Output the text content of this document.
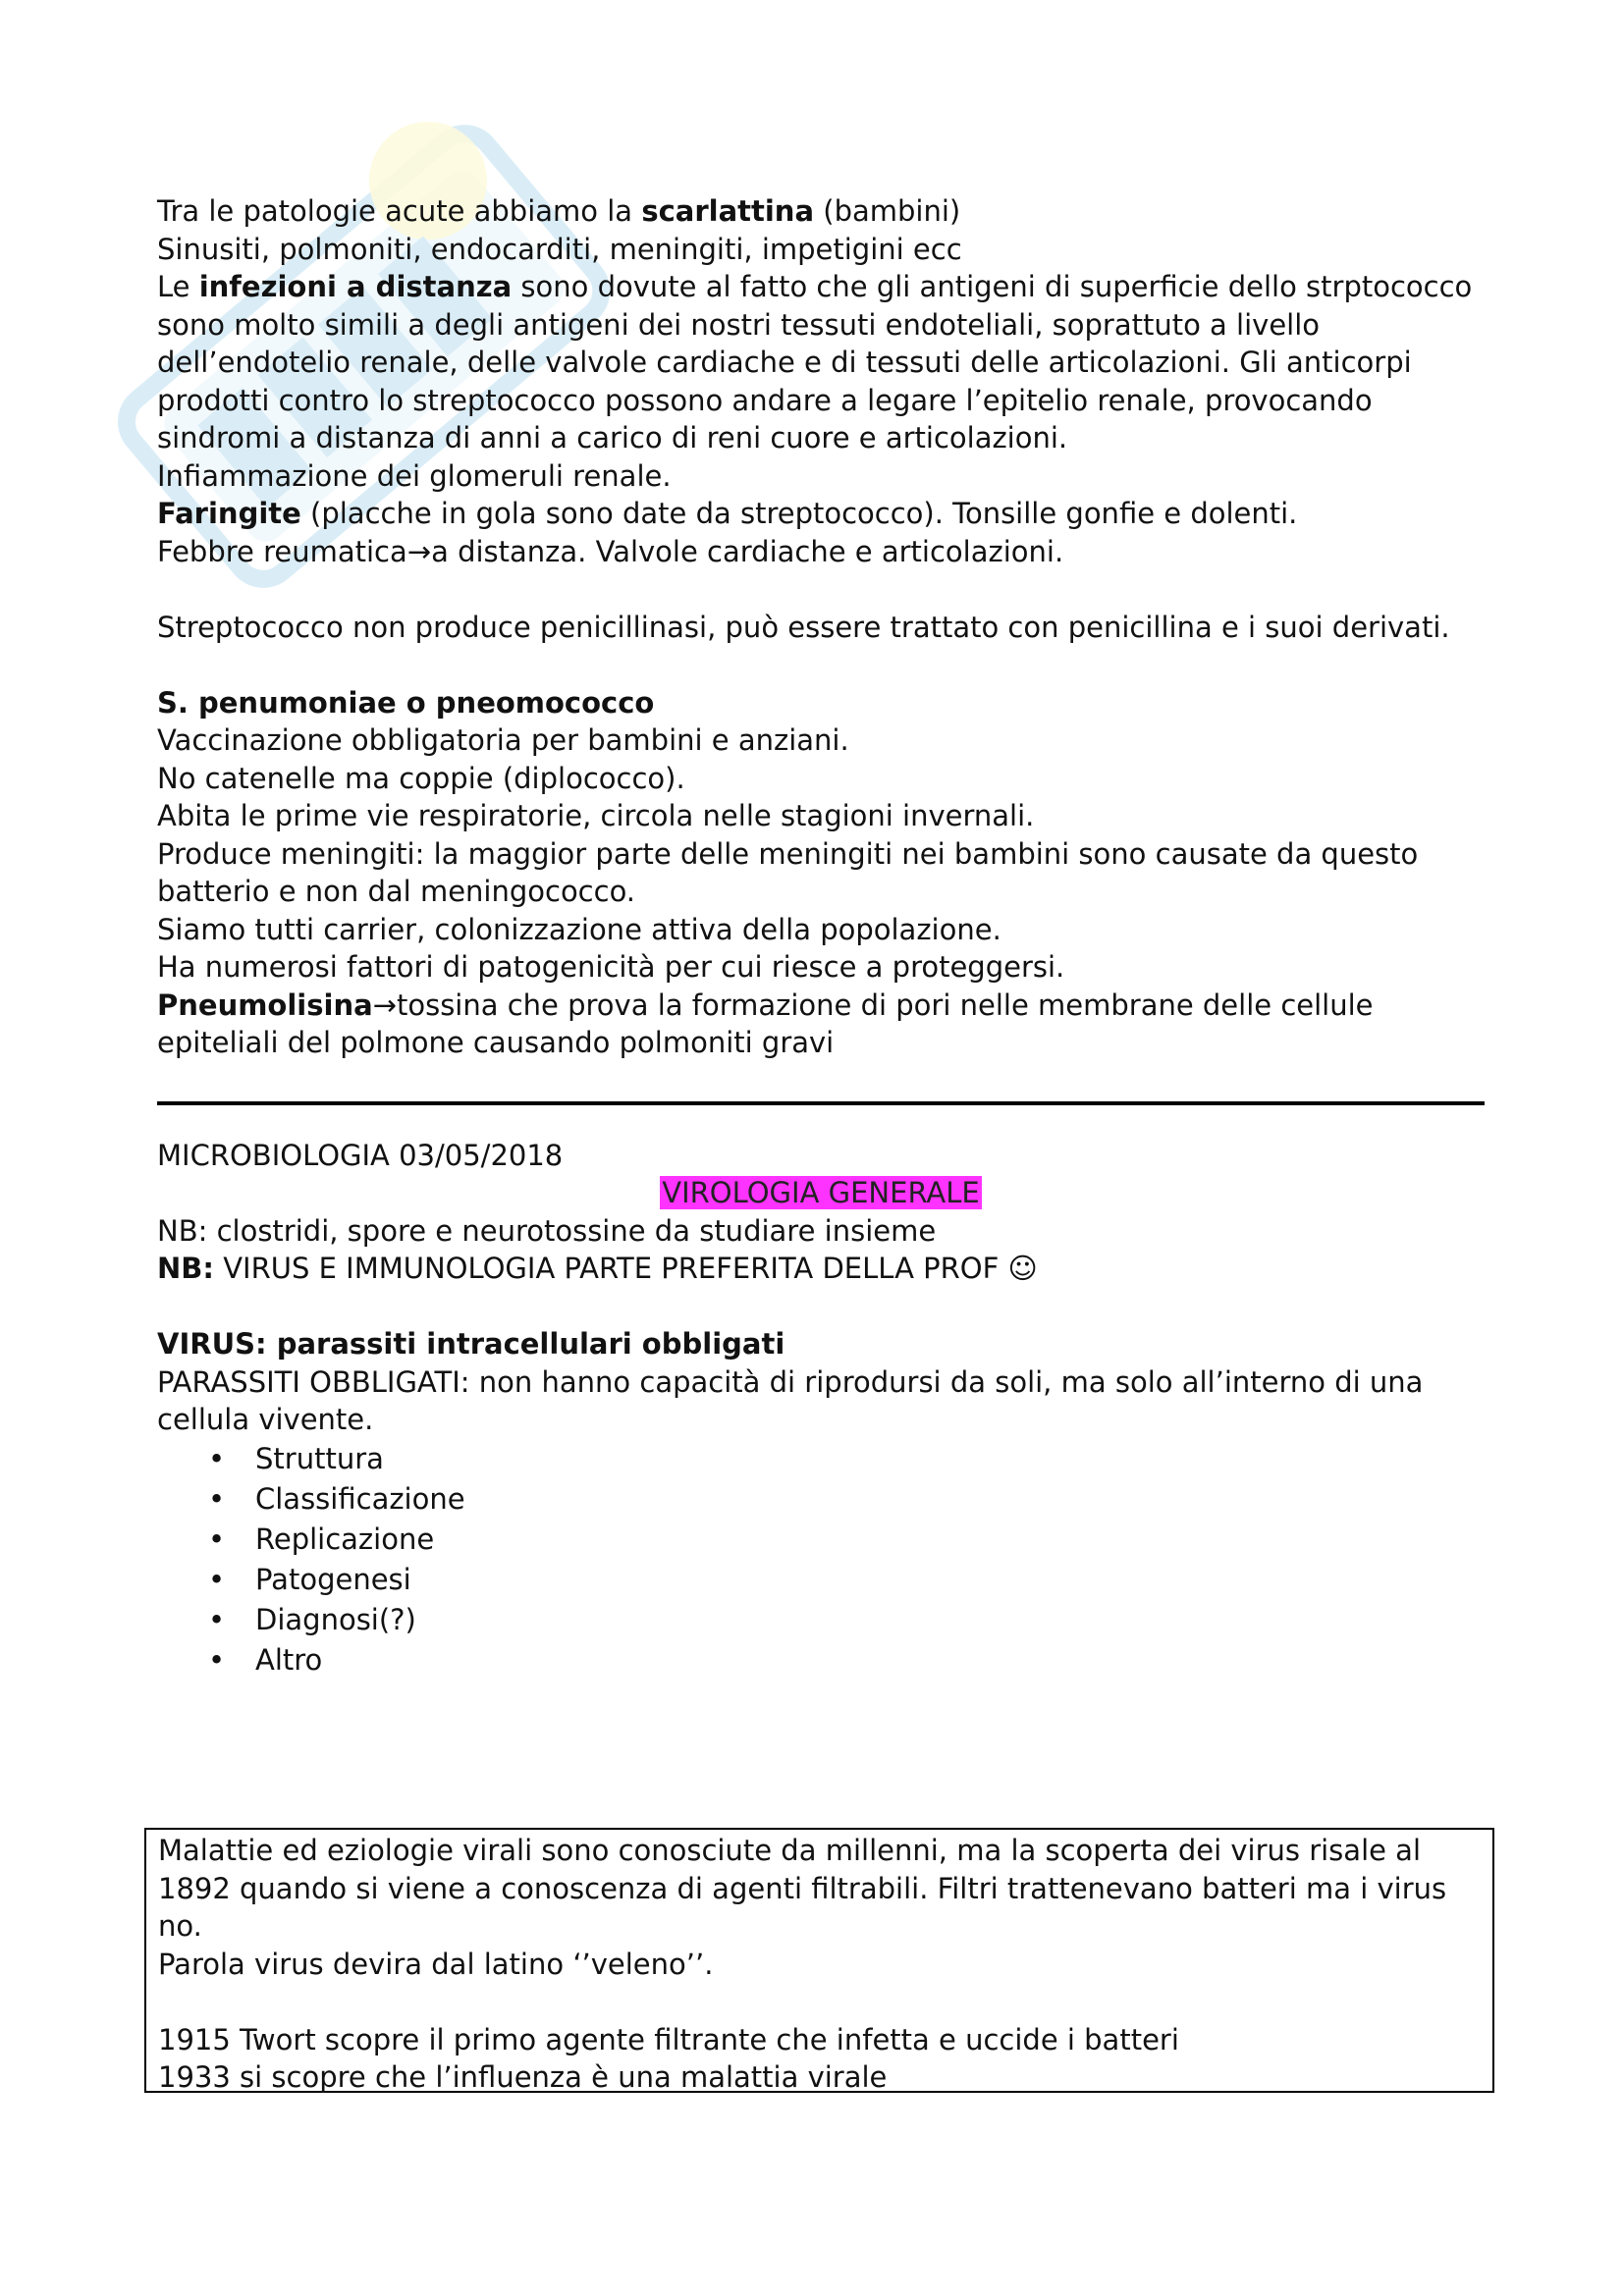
Tra le patologie acute abbiamo la scarlattina (bambini)

Sinusiti, polmoniti, endocarditi, meningiti, impetigini ecc

Le infezioni a distanza sono dovute al fatto che gli antigeni di superficie dello strptococco sono molto simili a degli antigeni dei nostri tessuti endoteliali, soprattuto a livello dell’endotelio renale, delle valvole cardiache e di tessuti delle articolazioni. Gli anticorpi prodotti contro lo streptococco possono andare a legare l’epitelio renale, provocando sindromi a distanza di anni a carico di reni cuore e articolazioni.

Infiammazione dei glomeruli renale.

Faringite (placche in gola sono date da streptococco). Tonsille gonfie e dolenti.

Febbre reumatica→a distanza. Valvole cardiache e articolazioni.

Streptococco non produce penicillinasi, può essere trattato con penicillina e i suoi derivati.

S. penumoniae o pneomococco

Vaccinazione obbligatoria per bambini e anziani.

No catenelle ma coppie (diplococco).

Abita le prime vie respiratorie, circola nelle stagioni invernali.

Produce meningiti: la maggior parte delle meningiti nei bambini sono causate da questo batterio e non dal meningococco.

Siamo tutti carrier, colonizzazione attiva della popolazione.

Ha numerosi fattori di patogenicità per cui riesce a proteggersi.

Pneumolisina→tossina che prova la formazione di pori nelle membrane delle cellule epiteliali del polmone causando polmoniti gravi

MICROBIOLOGIA 03/05/2018

VIROLOGIA GENERALE

NB: clostridi, spore e neurotossine da studiare insieme

NB: VIRUS E IMMUNOLOGIA PARTE PREFERITA DELLA PROF ☺

VIRUS: parassiti intracellulari obbligati

PARASSITI OBBLIGATI: non hanno capacità di riprodursi da soli, ma solo all’interno di una cellula vivente.

• Struttura
• Classificazione
• Replicazione
• Patogenesi
• Diagnosi(?)
• Altro

Malattie ed eziologie virali sono conosciute da millenni, ma la scoperta dei virus risale al 1892 quando si viene a conoscenza di agenti filtrabili. Filtri trattenevano batteri ma i virus no.

Parola virus devira dal latino ‘’veleno’’.

1915 Twort scopre il primo agente filtrante che infetta e uccide i batteri

1933 si scopre che l’influenza è una malattia virale
